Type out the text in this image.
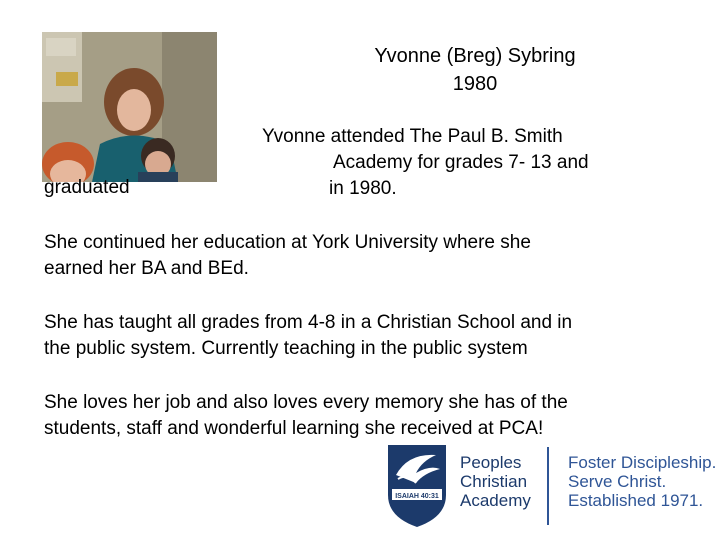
Yvonne (Breg) Sybring
1980
Yvonne attended The Paul B. Smith
Academy for grades 7- 13 and
in 1980.
graduated
She continued her education at York University where she
earned her BA and BEd.
She has taught all grades from 4-8 in a Christian School and in
the public system. Currently teaching in the public system
She loves her job and also loves every memory she has of the
students, staff and wonderful learning she received at PCA!
ISAIAH 40:31
Peoples
Christian
Academy
Foster Discipleship.
Serve Christ.
Established 1971.
